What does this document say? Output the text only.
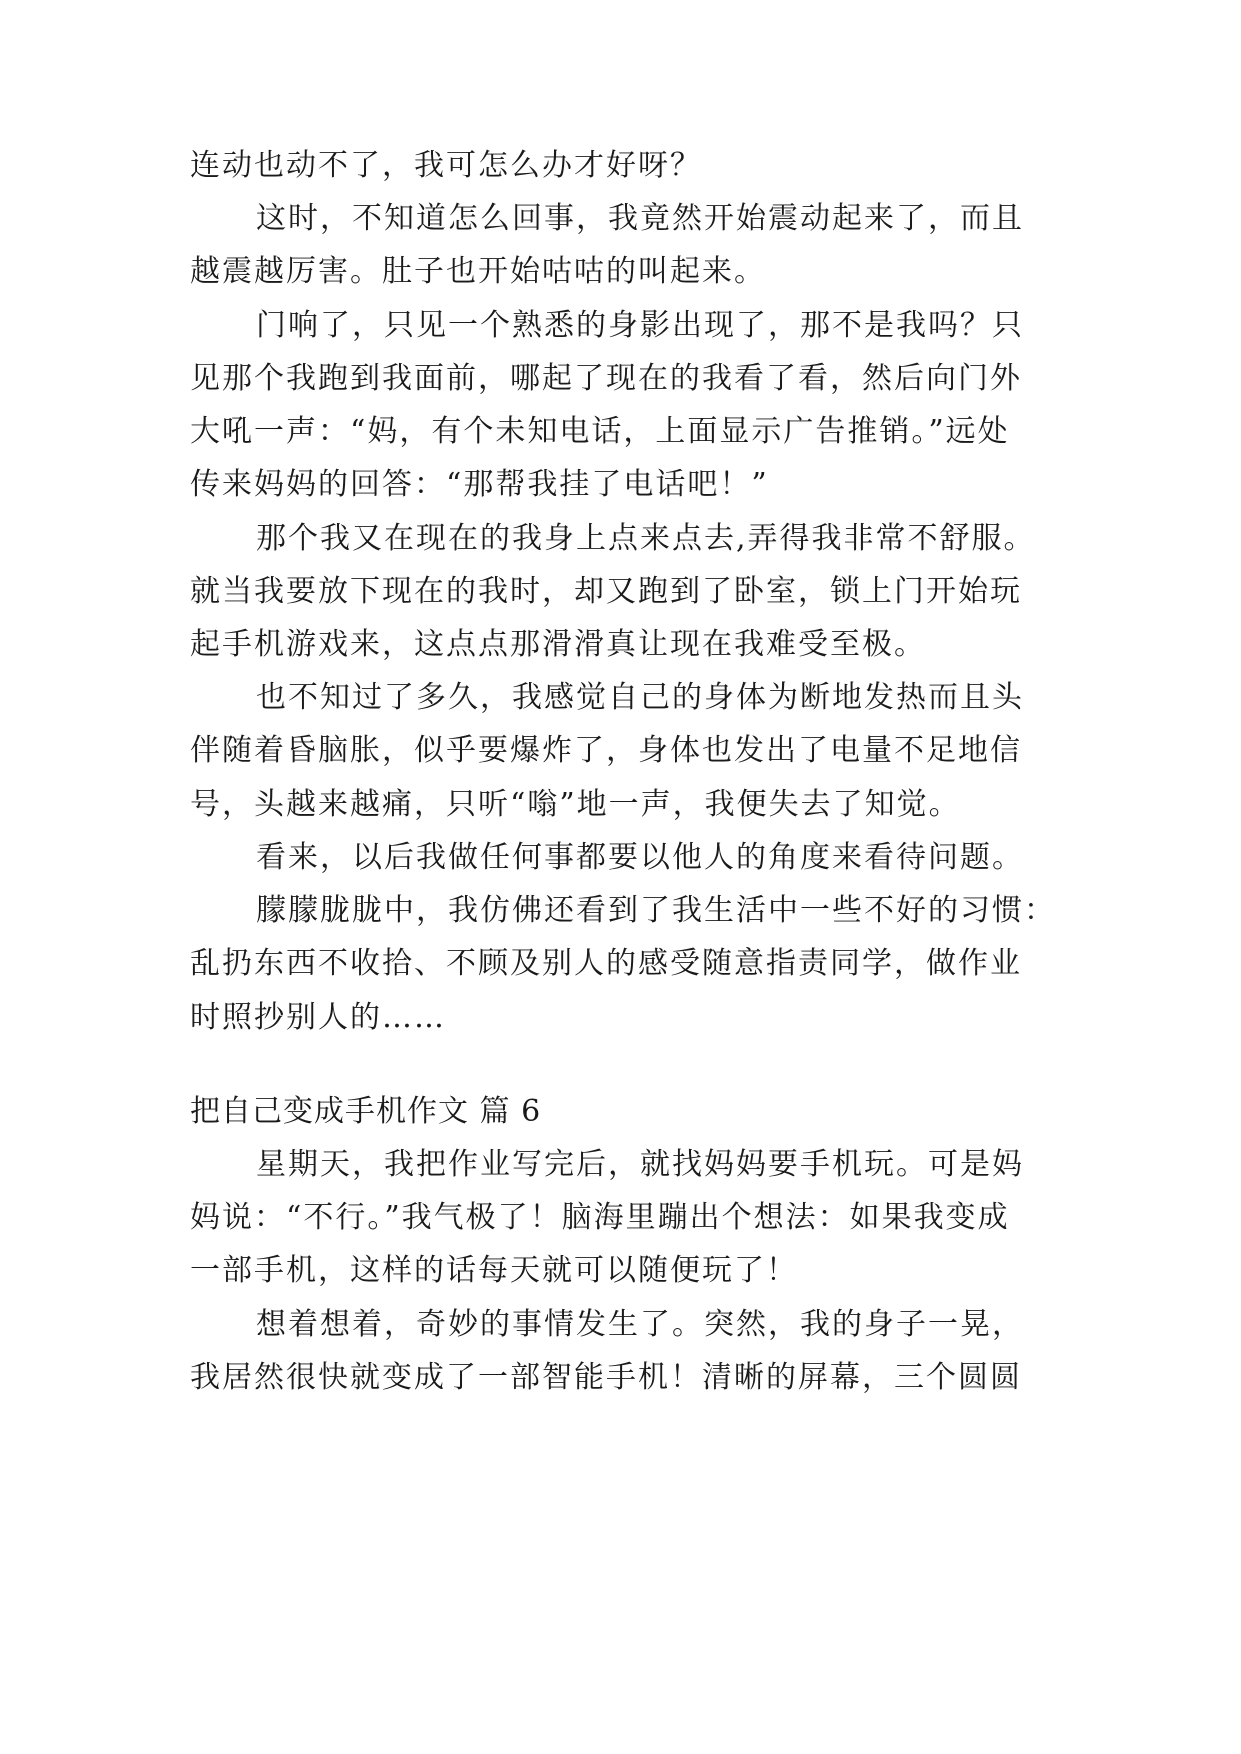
连动也动不了，我可怎么办才好呀？
这时，不知道怎么回事，我竟然开始震动起来了，而且
越震越厉害。肚子也开始咕咕的叫起来。
门响了，只见一个熟悉的身影出现了，那不是我吗？只
见那个我跑到我面前，哪起了现在的我看了看，然后向门外
大吼一声：“妈，有个未知电话，上面显示广告推销。”远处
传来妈妈的回答：“那帮我挂了电话吧！”
那个我又在现在的我身上点来点去,弄得我非常不舒服。
就当我要放下现在的我时，却又跑到了卧室，锁上门开始玩
起手机游戏来，这点点那滑滑真让现在我难受至极。
也不知过了多久，我感觉自己的身体为断地发热而且头
伴随着昏脑胀，似乎要爆炸了，身体也发出了电量不足地信
号，头越来越痛，只听“嗡”地一声，我便失去了知觉。
看来，以后我做任何事都要以他人的角度来看待问题。
朦朦胧胧中，我仿佛还看到了我生活中一些不好的习惯：
乱扔东西不收拾、不顾及别人的感受随意指责同学，做作业
时照抄别人的……
把自己变成手机作文 篇 6
星期天，我把作业写完后，就找妈妈要手机玩。可是妈
妈说：“不行。”我气极了！脑海里蹦出个想法：如果我变成
一部手机，这样的话每天就可以随便玩了！
想着想着，奇妙的事情发生了。突然，我的身子一晃，
我居然很快就变成了一部智能手机！清晰的屏幕，三个圆圆
